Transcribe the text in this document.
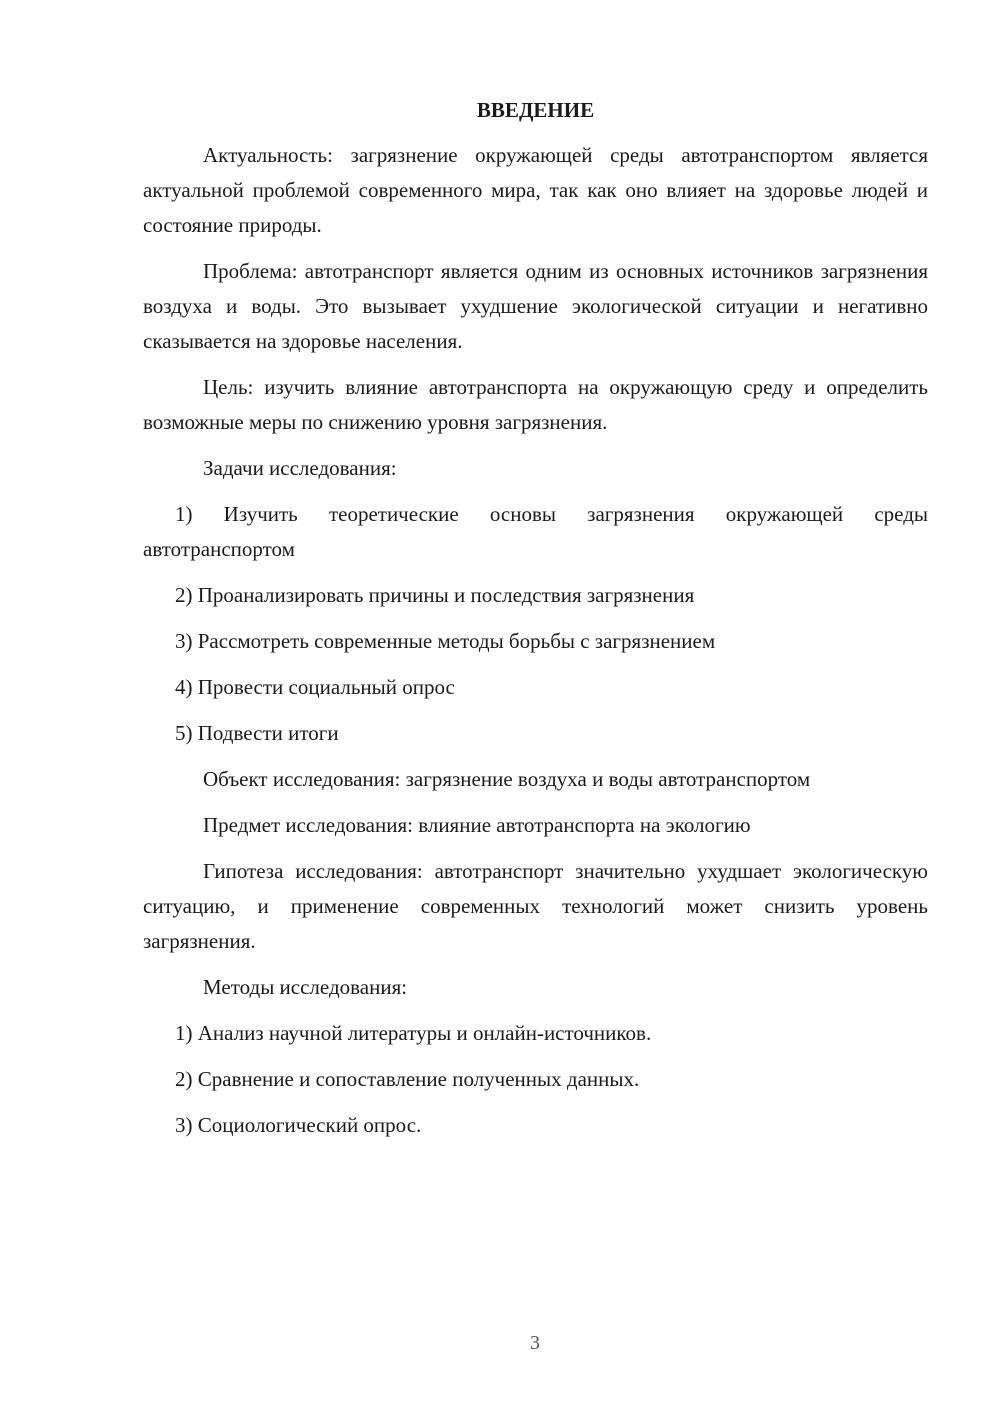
ВВЕДЕНИЕ

Актуальность: загрязнение окружающей среды автотранспортом является актуальной проблемой современного мира, так как оно влияет на здоровье людей и состояние природы.

Проблема: автотранспорт является одним из основных источников загрязнения воздуха и воды. Это вызывает ухудшение экологической ситуации и негативно сказывается на здоровье населения.

Цель: изучить влияние автотранспорта на окружающую среду и определить возможные меры по снижению уровня загрязнения.

Задачи исследования:

1) Изучить теоретические основы загрязнения окружающей среды автотранспортом

2) Проанализировать причины и последствия загрязнения

3) Рассмотреть современные методы борьбы с загрязнением

4) Провести социальный опрос

5) Подвести итоги

Объект исследования: загрязнение воздуха и воды автотранспортом

Предмет исследования: влияние автотранспорта на экологию

Гипотеза исследования: автотранспорт значительно ухудшает экологическую ситуацию, и применение современных технологий может снизить уровень загрязнения.

Методы исследования:

1) Анализ научной литературы и онлайн-источников.

2) Сравнение и сопоставление полученных данных.

3) Социологический опрос.

3
